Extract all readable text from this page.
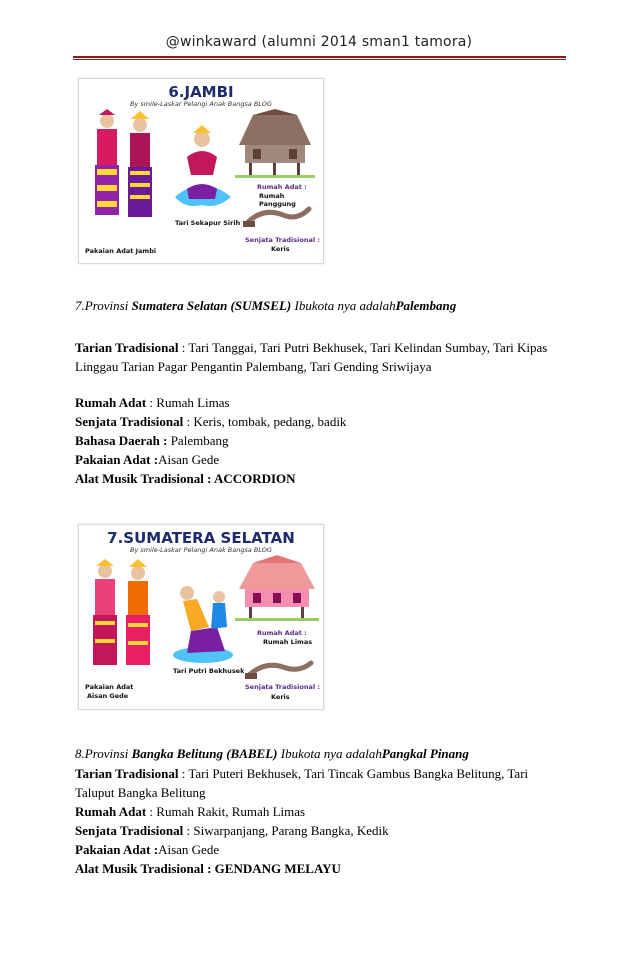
@winkaward (alumni 2014 sman1 tamora)
6.JAMBI
By smile-Laskar Pelangi Anak Bangsa BLOG
Pakaian Adat Jambi
Tari Sekapur Sirih
Rumah Adat :
Rumah Panggung
Senjata Tradisional :
Keris
7.Provinsi Sumatera Selatan (SUMSEL) Ibukota nya adalahPalembang
Tarian Tradisional : Tari Tanggai, Tari Putri Bekhusek, Tari Kelindan Sumbay, Tari Kipas
Linggau Tarian Pagar Pengantin Palembang, Tari Gending Sriwijaya
Rumah Adat : Rumah Limas
Senjata Tradisional : Keris, tombak, pedang, badik
Bahasa Daerah : Palembang
Pakaian Adat :Aisan Gede
Alat Musik Tradisional : ACCORDION
7.SUMATERA SELATAN
By smile-Laskar Pelangi Anak Bangsa BLOG
Pakaian Adat
Aisan Gede
Tari Putri Bekhusek
Rumah Adat :
Rumah Limas
Senjata Tradisional :
Keris
8.Provinsi Bangka Belitung (BABEL) Ibukota nya adalahPangkal Pinang
Tarian Tradisional : Tari Puteri Bekhusek, Tari Tincak Gambus Bangka Belitung, Tari
Taluput Bangka Belitung
Rumah Adat : Rumah Rakit, Rumah Limas
Senjata Tradisional : Siwarpanjang, Parang Bangka, Kedik
Pakaian Adat :Aisan Gede
Alat Musik Tradisional : GENDANG MELAYU
